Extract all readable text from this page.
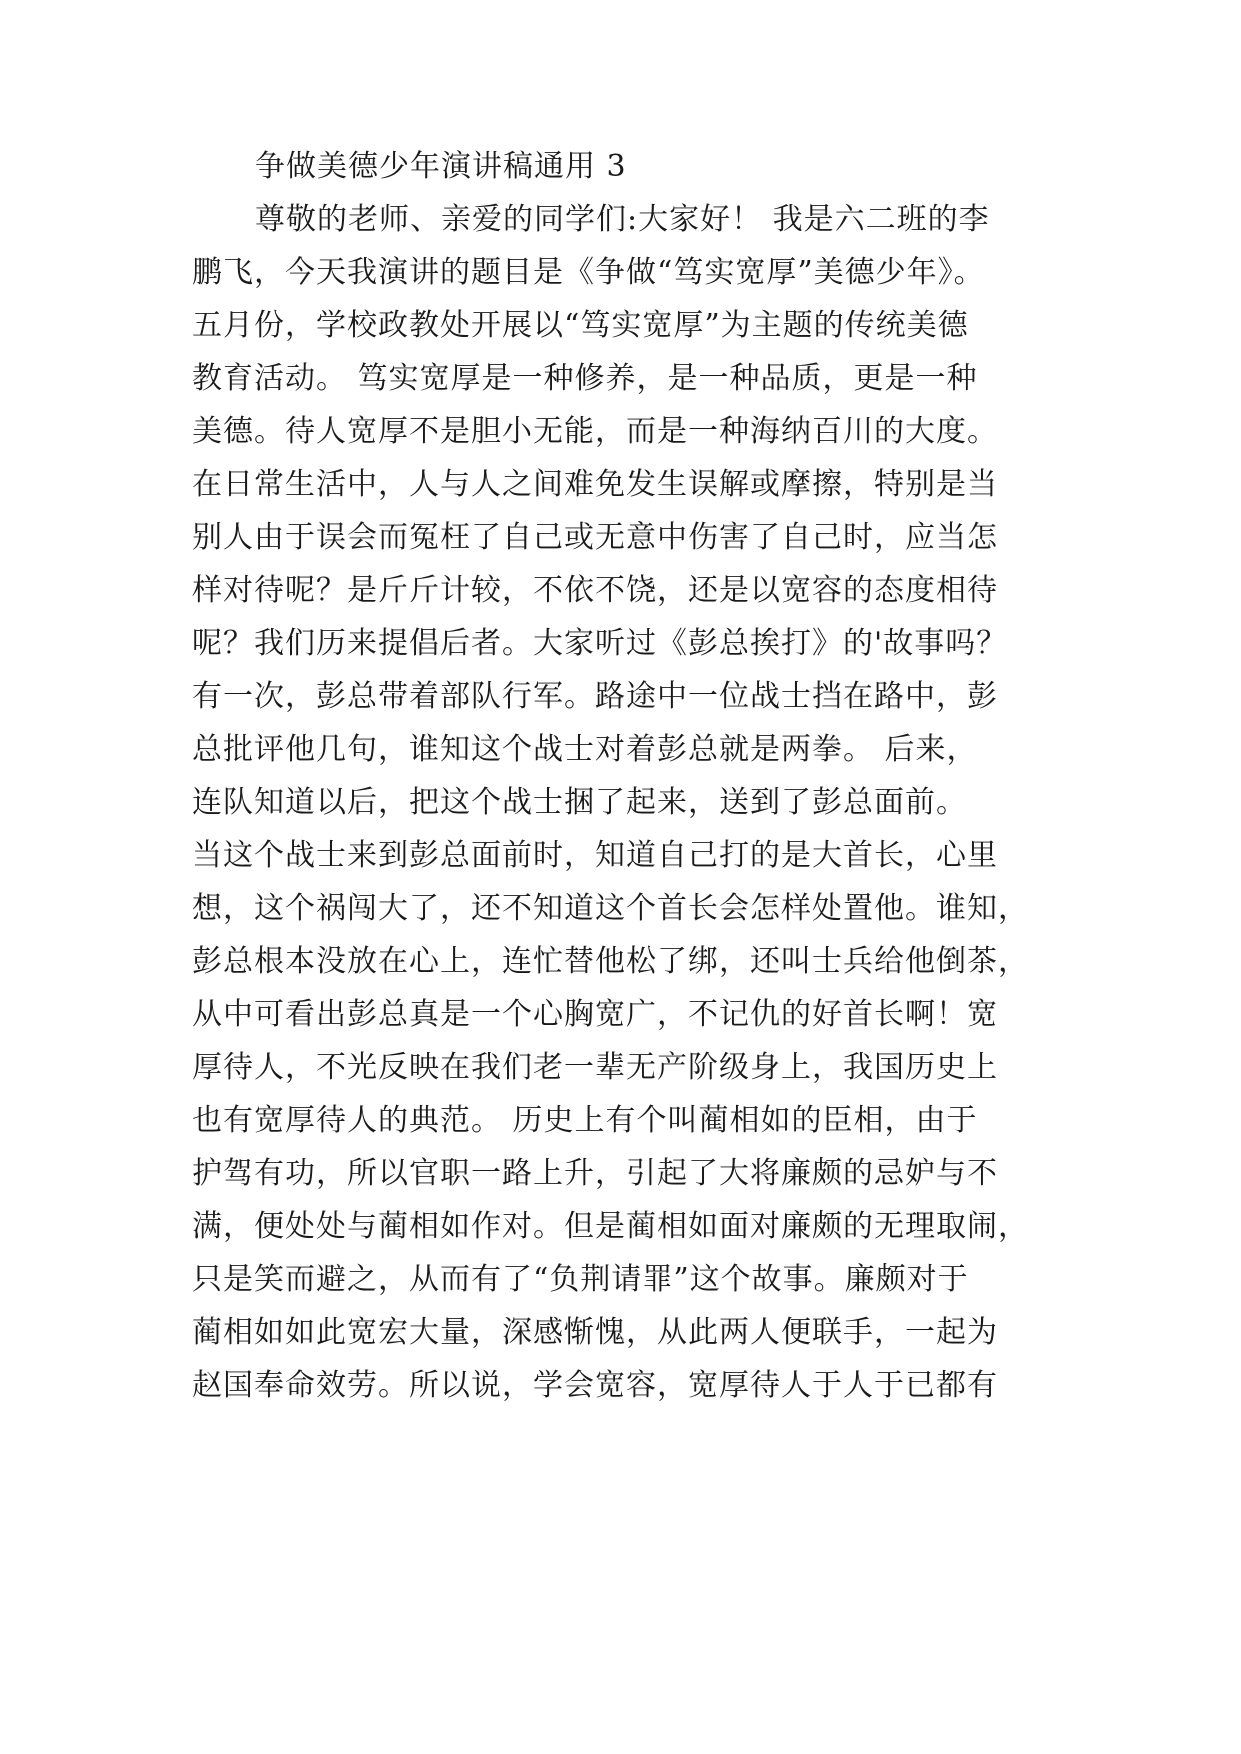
争做美德少年演讲稿通用 3
尊敬的老师、亲爱的同学们:大家好！ 我是六二班的李
鹏飞，今天我演讲的题目是《争做“笃实宽厚”美德少年》。
五月份，学校政教处开展以“笃实宽厚”为主题的传统美德
教育活动。 笃实宽厚是一种修养，是一种品质，更是一种
美德。待人宽厚不是胆小无能，而是一种海纳百川的大度。
在日常生活中，人与人之间难免发生误解或摩擦，特别是当
别人由于误会而冤枉了自己或无意中伤害了自己时，应当怎
样对待呢？是斤斤计较，不依不饶，还是以宽容的态度相待
呢？我们历来提倡后者。大家听过《彭总挨打》的'故事吗？
有一次，彭总带着部队行军。路途中一位战士挡在路中，彭
总批评他几句，谁知这个战士对着彭总就是两拳。 后来，
连队知道以后，把这个战士捆了起来，送到了彭总面前。
当这个战士来到彭总面前时，知道自己打的是大首长，心里
想，这个祸闯大了，还不知道这个首长会怎样处置他。谁知，
彭总根本没放在心上，连忙替他松了绑，还叫士兵给他倒茶，
从中可看出彭总真是一个心胸宽广，不记仇的好首长啊！宽
厚待人，不光反映在我们老一辈无产阶级身上，我国历史上
也有宽厚待人的典范。 历史上有个叫蔺相如的臣相，由于
护驾有功，所以官职一路上升，引起了大将廉颇的忌妒与不
满，便处处与蔺相如作对。但是蔺相如面对廉颇的无理取闹，
只是笑而避之，从而有了“负荆请罪”这个故事。廉颇对于
蔺相如如此宽宏大量，深感惭愧，从此两人便联手，一起为
赵国奉命效劳。所以说，学会宽容，宽厚待人于人于已都有
